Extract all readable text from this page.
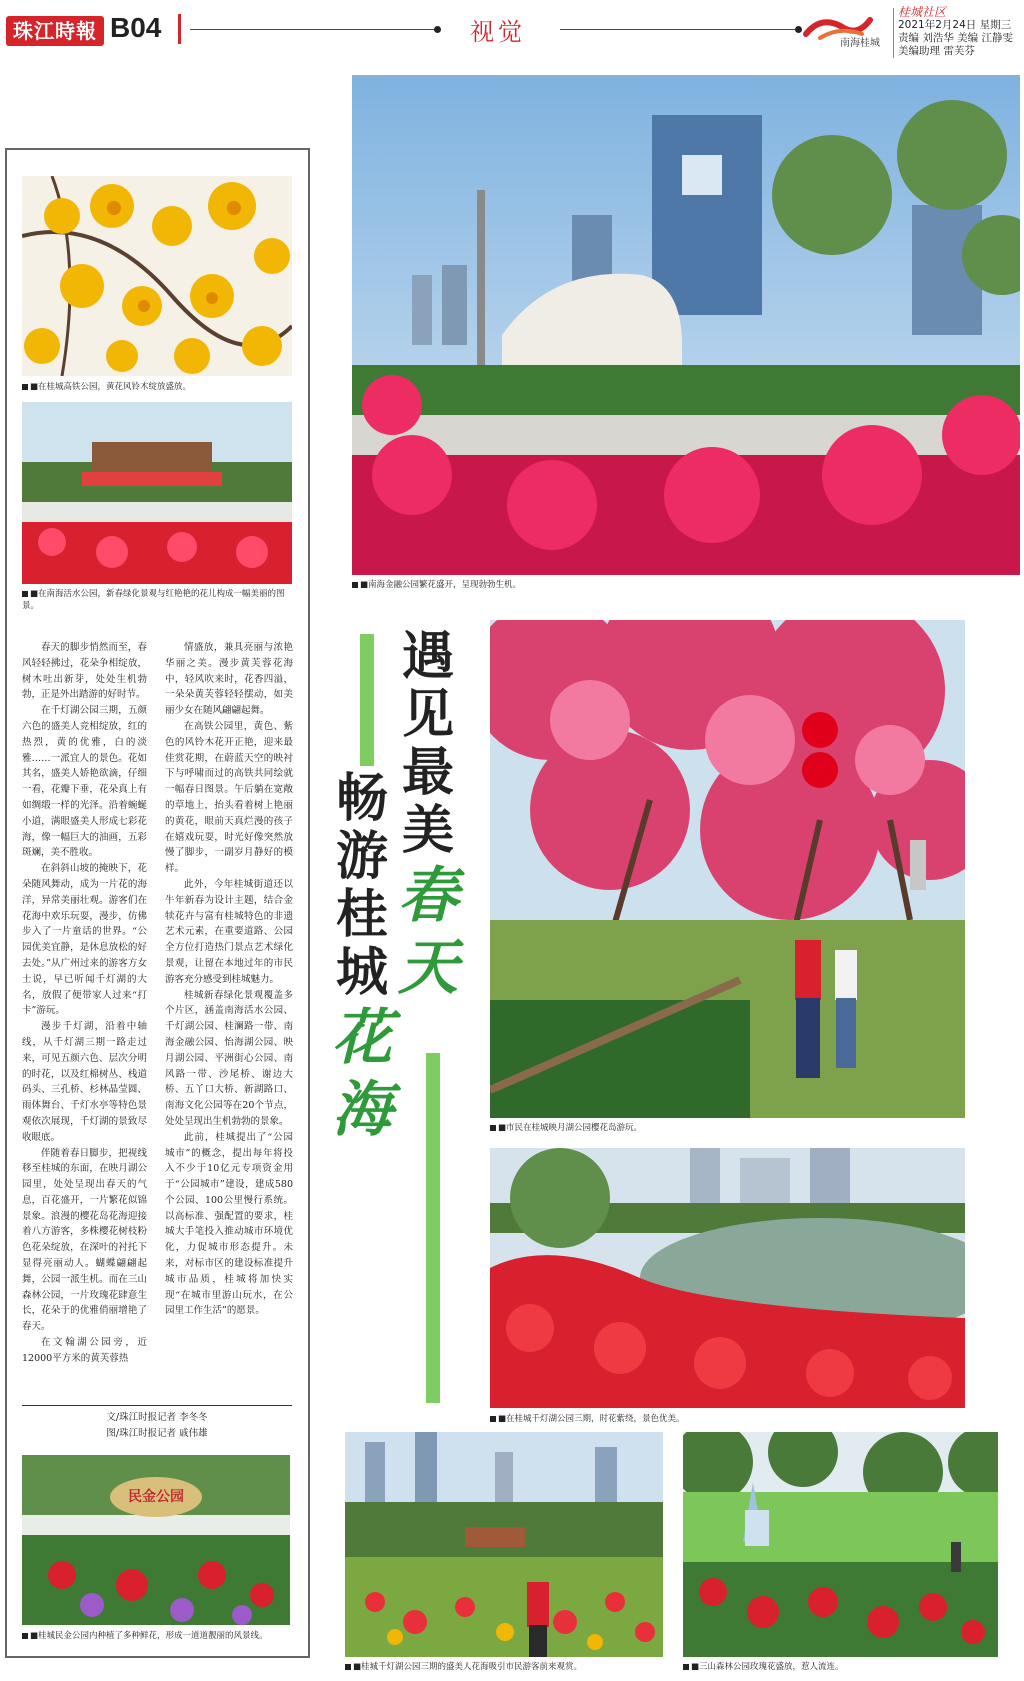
珠江時報 B04	视觉	南海桂城
桂城社区
2021年2月24日 星期三
责编 刘浩华 美编 江静雯
美编助理 雷芙芬
■在桂城高铁公园，黄花风铃木绽放盛放。
■在南海活水公园，新春绿化景观与红艳艳的花儿构成一幅美丽的图景。

春天的脚步悄然而至，春风轻轻拂过，花朵争相绽放，树木吐出新芽，处处生机勃勃，正是外出踏游的好时节。

在千灯湖公园三期，五颜六色的盛美人竞相绽放，红的热烈，黄的优雅，白的淡雅……一派宜人的景色。花如其名，盛美人娇艳欲滴，仔细一看，花瓣下垂，花朵真上有如绸缎一样的光泽。沿着蜿蜒小道，满眼盛美人形成七彩花海，像一幅巨大的油画，五彩斑斓，美不胜收。

在斜斜山坡的掩映下，花朵随风舞动，成为一片花的海洋，异常美丽壮观。游客们在花海中欢乐玩耍，漫步，仿佛步入了一片童话的世界。“公园优美宜静，是休息放松的好去处。”从广州过来的游客方女士说，早已听闻千灯湖的大名，放假了便带家人过来“打卡”游玩。

漫步千灯湖，沿着中轴线，从千灯湖三期一路走过来，可见五颜六色、层次分明的时花，以及红棉树丛、栈道码头、三孔桥、杉林晶莹圆、雨体舞台、千灯水亭等特色景观依次展现，千灯湖的景致尽收眼底。

伴随着春日脚步，把视线移至桂城的东面，在映月湖公园里，处处呈现出春天的气息，百花盛开，一片繁花似锦景象。浪漫的樱花岛花海迎接着八方游客，多株樱花树枝粉色花朵绽放，在深叶的衬托下显得亮丽动人。蝴蝶翩翩起舞，公园一派生机。而在三山森林公园，一片玫瑰花肆意生长，花朵于的优雅俏丽增艳了春天。

在文翰湖公园旁，近12000平方米的黄芙蓉热

情盛放，兼具亮丽与浓艳华丽之美。漫步黄芙蓉花海中，轻风吹来时，花香四溢，一朵朵黄芙蓉轻轻摆动，如美丽少女在随风翩翩起舞。

在高铁公园里，黄色、紫色的风铃木花开正艳，迎来最佳赏花期，在蔚蓝天空的映衬下与呼啸而过的高铁共同绘就一幅春日图景。午后躺在宽敞的草地上，抬头看着树上艳丽的黄花，眼前天真烂漫的孩子在嬉戏玩耍，时光好像突然放慢了脚步，一副岁月静好的模样。

此外，今年桂城街道还以牛年新春为设计主题，结合金犊花卉与富有桂城特色的非遗艺术元素，在重要道路、公园全方位打造热门景点艺术绿化景观，让留在本地过年的市民游客充分感受到桂城魅力。

桂城新春绿化景观覆盖多个片区，涵盖南海活水公园、千灯湖公园、桂澜路一带、南海金融公园、怡海湖公园、映月湖公园、平洲街心公园、南风路一带、沙尾桥、谢边大桥、五丫口大桥、新湖路口、南海文化公园等在20个节点，处处呈现出生机勃勃的景象。

此前，桂城提出了“公园城市”的概念，提出每年将投入不少于10亿元专项资金用于“公园城市”建设，建成580个公园、100公里慢行系统。以高标准、强配置的要求，桂城大手笔投入推动城市环境优化，力促城市形态提升。未来，对标市区的建设标准提升城市品质，桂城将加快实现“在城市里游山玩水，在公园里工作生活”的愿景。

文/珠江时报记者 李冬冬
图/珠江时报记者 戚伟雄
民金公园
■桂城民金公园内种植了多种鲜花，形成一道道靓丽的风景线。
■南海金融公园繁花盛开，呈现勃勃生机。
遇
见
最
美
春
天
畅
游
桂
城
花
海	■市民在桂城映月湖公园樱花岛游玩。
■在桂城千灯湖公园三期，时花紫绕，景色优美。
■桂城千灯湖公园三期的盛美人花海吸引市民游客前来观赏。	■三山森林公园玫瑰花盛放，惹人流连。
